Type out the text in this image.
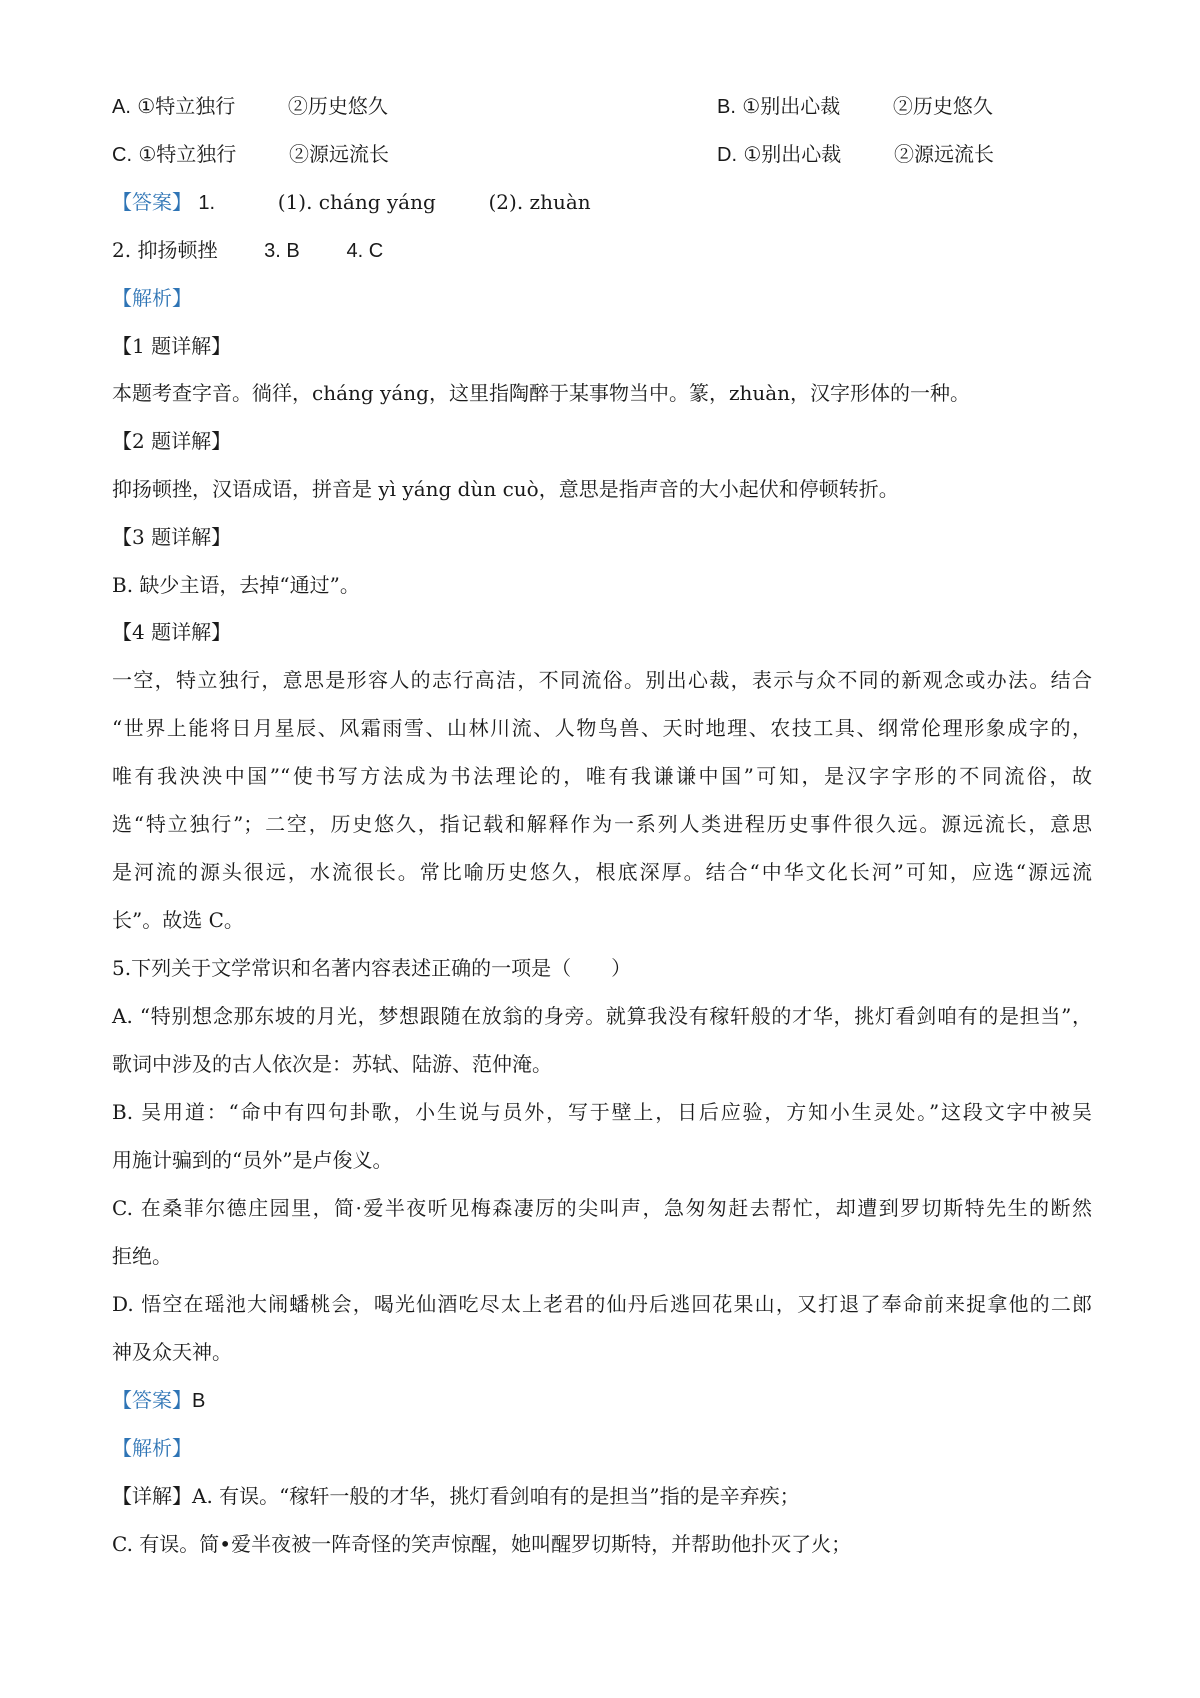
A. ①特立独行	②历史悠久	B. ①别出心裁	②历史悠久
C. ①特立独行	②源远流长	D. ①别出心裁	②源远流长
【答案】 1.	(1). cháng yáng	(2). zhuàn
2. 抑扬顿挫 3. B 4. C
【解析】
【1 题详解】
本题考查字音。徜徉，cháng yáng，这里指陶醉于某事物当中。篆，zhuàn，汉字形体的一种。
【2 题详解】
抑扬顿挫，汉语成语，拼音是 yì yáng dùn cuò，意思是指声音的大小起伏和停顿转折。
【3 题详解】
B. 缺少主语，去掉“通过”。
【4 题详解】
一空，特立独行，意思是形容人的志行高洁，不同流俗。别出心裁，表示与众不同的新观念或办法。结合
“世界上能将日月星辰、风霜雨雪、山林川流、人物鸟兽、天时地理、农技工具、纲常伦理形象成字的，
唯有我泱泱中国”“使书写方法成为书法理论的，唯有我谦谦中国”可知，是汉字字形的不同流俗，故
选“特立独行”；二空，历史悠久，指记载和解释作为一系列人类进程历史事件很久远。源远流长，意思
是河流的源头很远，水流很长。常比喻历史悠久，根底深厚。结合“中华文化长河”可知，应选“源远流
长”。故选 C。
5.下列关于文学常识和名著内容表述正确的一项是（　　）
A. “特别想念那东坡的月光，梦想跟随在放翁的身旁。就算我没有稼轩般的才华，挑灯看剑咱有的是担当”，
歌词中涉及的古人依次是：苏轼、陆游、范仲淹。
B. 吴用道：“命中有四句卦歌，小生说与员外，写于壁上，日后应验，方知小生灵处。”这段文字中被吴
用施计骗到的“员外”是卢俊义。
C. 在桑菲尔德庄园里，简·爱半夜听见梅森凄厉的尖叫声，急匆匆赶去帮忙，却遭到罗切斯特先生的断然
拒绝。
D. 悟空在瑶池大闹蟠桃会，喝光仙酒吃尽太上老君的仙丹后逃回花果山，又打退了奉命前来捉拿他的二郎
神及众天神。
【答案】B
【解析】
【详解】A. 有误。“稼轩一般的才华，挑灯看剑咱有的是担当”指的是辛弃疾；
C. 有误。简•爱半夜被一阵奇怪的笑声惊醒，她叫醒罗切斯特，并帮助他扑灭了火；
